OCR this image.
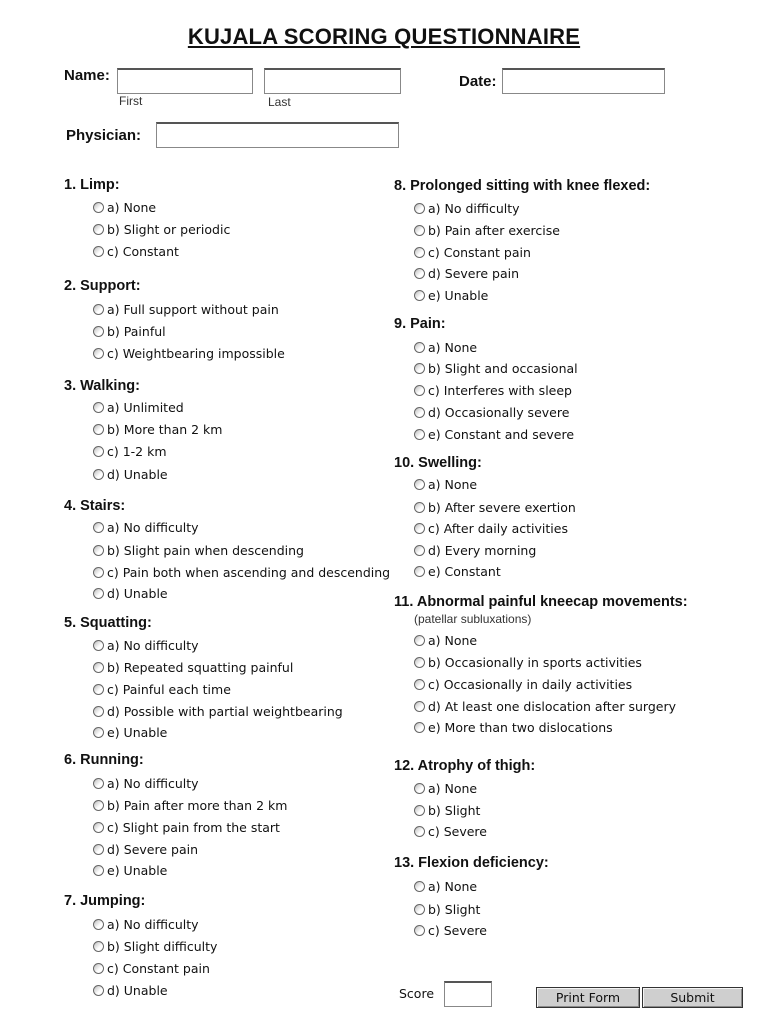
KUJALA SCORING QUESTIONNAIRE
Name:
First	Last
Date:
Physician:
1. Limp:
a) None
b) Slight or periodic
c) Constant
2. Support:
a) Full support without pain
b) Painful
c) Weightbearing impossible
3. Walking:
a) Unlimited
b) More than 2 km
c) 1-2 km
d) Unable
4. Stairs:
a) No difficulty
b) Slight pain when descending
c) Pain both when ascending and descending
d) Unable
5. Squatting:
a) No difficulty
b) Repeated squatting painful
c) Painful each time
d) Possible with partial weightbearing
e) Unable
6. Running:
a) No difficulty
b) Pain after more than 2 km
c) Slight pain from the start
d) Severe pain
e) Unable
7. Jumping:
a) No difficulty
b) Slight difficulty
c) Constant pain
d) Unable
8. Prolonged sitting with knee flexed:
a) No difficulty
b) Pain after exercise
c) Constant pain
d) Severe pain
e) Unable
9. Pain:
a) None
b) Slight and occasional
c) Interferes with sleep
d) Occasionally severe
e) Constant and severe
10. Swelling:
a) None
b) After severe exertion
c) After daily activities
d) Every morning
e) Constant
11. Abnormal painful kneecap movements:
(patellar subluxations)
a) None
b) Occasionally in sports activities
c) Occasionally in daily activities
d) At least one dislocation after surgery
e) More than two dislocations
12. Atrophy of thigh:
a) None
b) Slight
c) Severe
13. Flexion deficiency:
a) None
b) Slight
c) Severe
Score	Print Form	Submit
